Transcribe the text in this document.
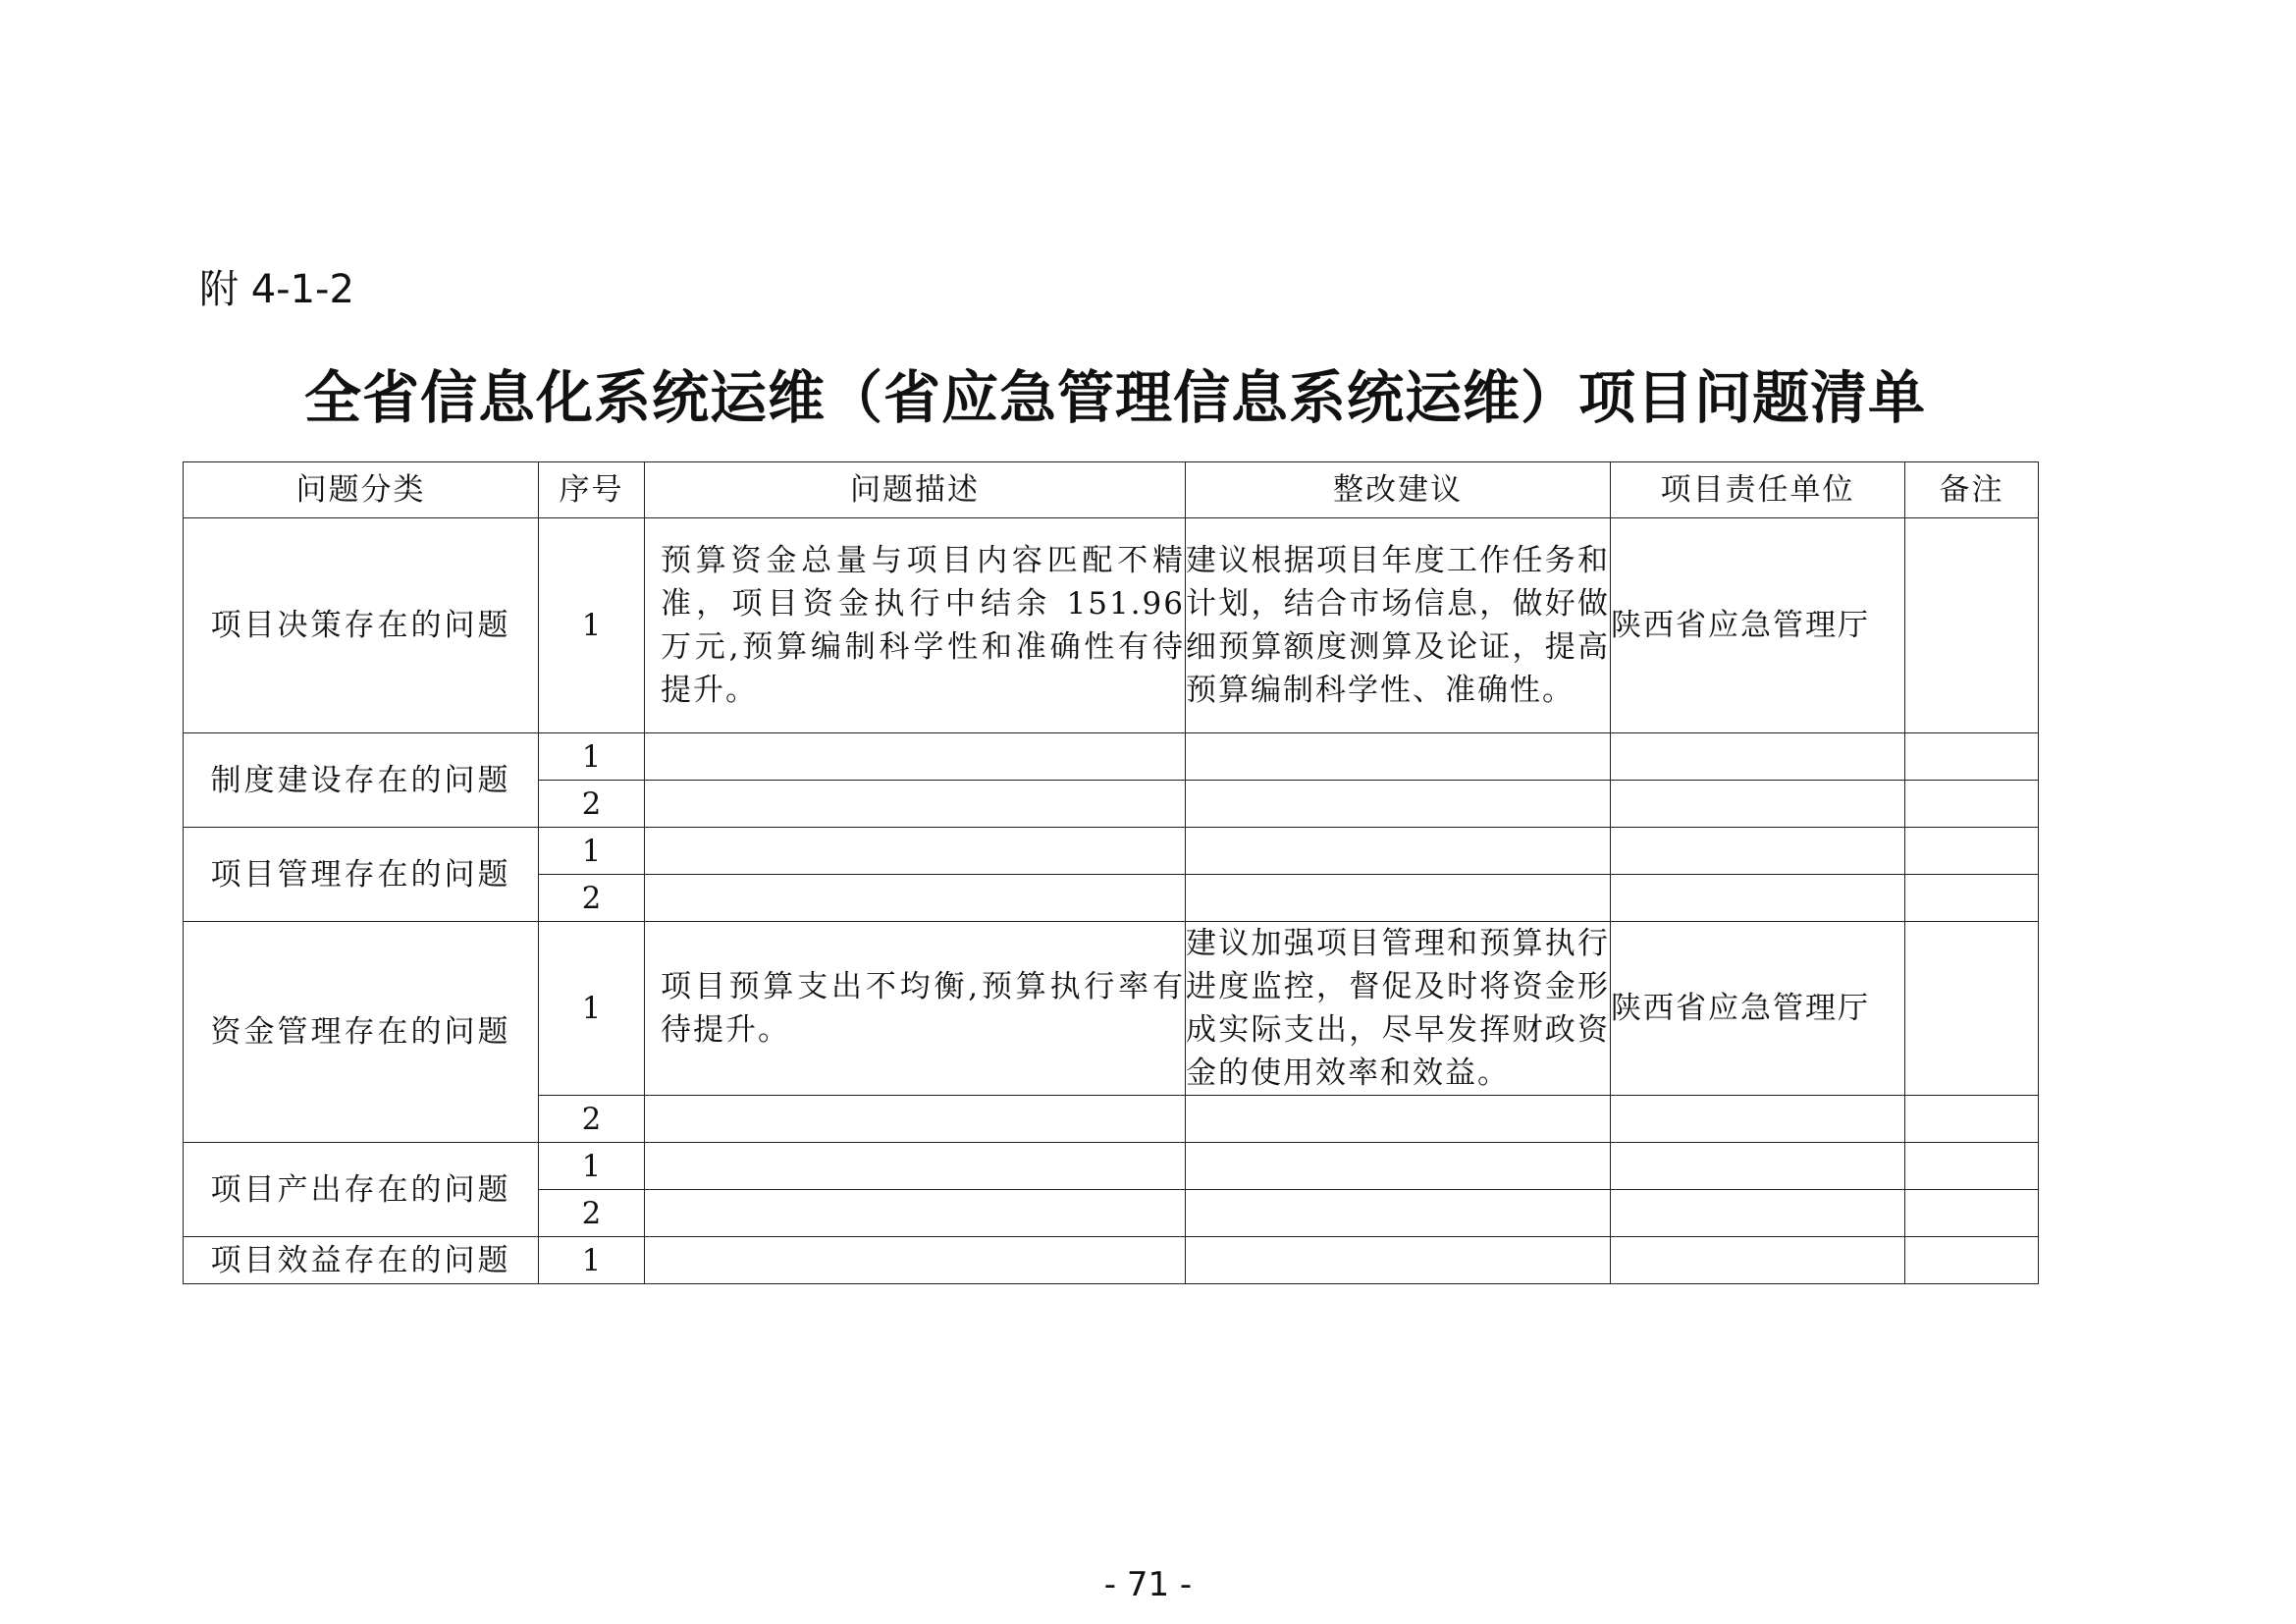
附 4-1-2
全省信息化系统运维（省应急管理信息系统运维）项目问题清单
问题分类	序号	问题描述	整改建议	项目责任单位	备注
项目决策存在的问题	1	预算资金总量与项目内容匹配不精准，项目资金执行中结余 151.96 万元,预算编制科学性和准确性有待提升。	建议根据项目年度工作任务和计划，结合市场信息，做好做细预算额度测算及论证，提高预算编制科学性、准确性。	陕西省应急管理厅	
制度建设存在的问题	1				
	2				
项目管理存在的问题	1				
	2				
资金管理存在的问题	1	项目预算支出不均衡,预算执行率有待提升。	建议加强项目管理和预算执行进度监控，督促及时将资金形成实际支出，尽早发挥财政资金的使用效率和效益。	陕西省应急管理厅	
	2				
项目产出存在的问题	1				
	2				
项目效益存在的问题	1				
- 71 -
